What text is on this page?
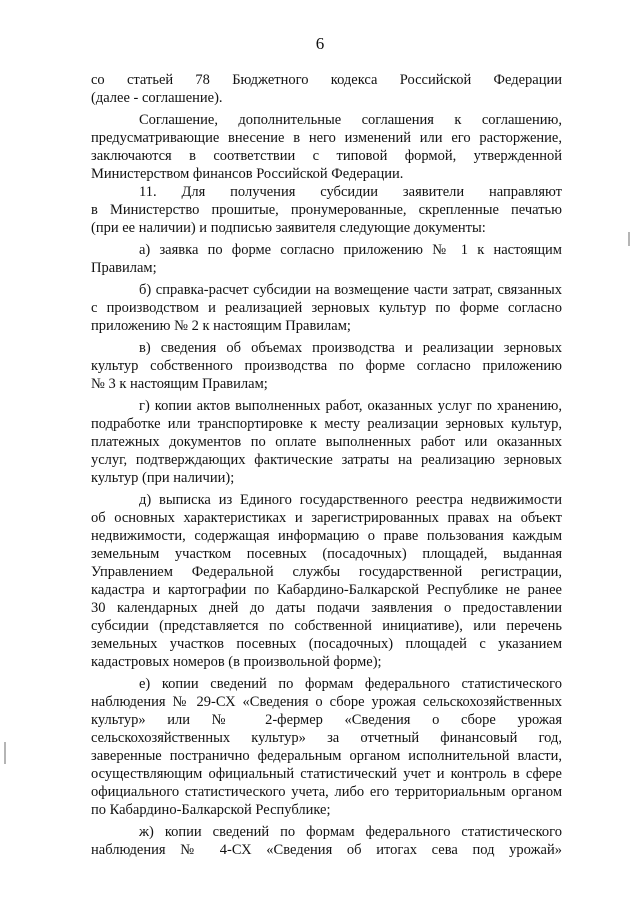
6
со статьей 78 Бюджетного кодекса Российской Федерации
(далее - соглашение).
Соглашение, дополнительные соглашения к соглашению,
предусматривающие внесение в него изменений или его расторжение,
заключаются в соответствии с типовой формой, утвержденной
Министерством финансов Российской Федерации.
11. Для получения субсидии заявители направляют
в Министерство прошитые, пронумерованные, скрепленные печатью
(при ее наличии) и подписью заявителя следующие документы:
а) заявка по форме согласно приложению № 1 к настоящим
Правилам;
б) справка-расчет субсидии на возмещение части затрат, связанных
с производством и реализацией зерновых культур по форме согласно
приложению № 2 к настоящим Правилам;
в) сведения об объемах производства и реализации зерновых
культур собственного производства по форме согласно приложению
№ 3 к настоящим Правилам;
г) копии актов выполненных работ, оказанных услуг по хранению,
подработке или транспортировке к месту реализации зерновых культур,
платежных документов по оплате выполненных работ или оказанных
услуг, подтверждающих фактические затраты на реализацию зерновых
культур (при наличии);
д) выписка из Единого государственного реестра недвижимости
об основных характеристиках и зарегистрированных правах на объект
недвижимости, содержащая информацию о праве пользования каждым
земельным участком посевных (посадочных) площадей, выданная
Управлением Федеральной службы государственной регистрации,
кадастра и картографии по Кабардино-Балкарской Республике не ранее
30 календарных дней до даты подачи заявления о предоставлении
субсидии (представляется по собственной инициативе), или перечень
земельных участков посевных (посадочных) площадей с указанием
кадастровых номеров (в произвольной форме);
е) копии сведений по формам федерального статистического
наблюдения № 29-СХ «Сведения о сборе урожая сельскохозяйственных
культур» или № 2-фермер «Сведения о сборе урожая
сельскохозяйственных культур» за отчетный финансовый год,
заверенные постранично федеральным органом исполнительной власти,
осуществляющим официальный статистический учет и контроль в сфере
официального статистического учета, либо его территориальным органом
по Кабардино-Балкарской Республике;
ж) копии сведений по формам федерального статистического
наблюдения № 4-СХ «Сведения об итогах сева под урожай»
